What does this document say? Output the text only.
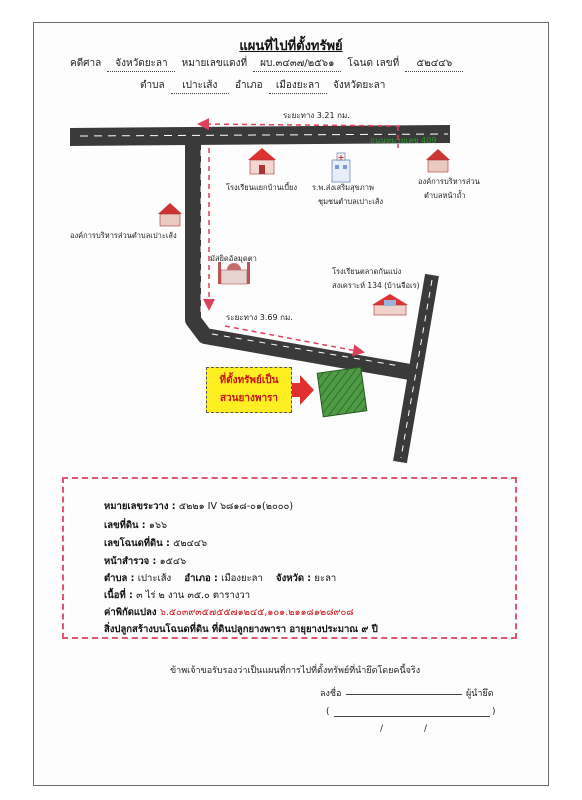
แผนที่ไปที่ตั้งทรัพย์
คดีศาล จังหวัดยะลา หมายเลขแดงที่ ผบ.๓๔๓๗/๒๕๖๑ โฉนด เลขที่ ๕๒๔๔๖
ตำบล เปาะเส้ง อำเภอ เมืองยะลา จังหวัดยะลา
ระยะทาง 3.21 กม.
ถนนหมายเลข 409
โรงเรียนแยกบ้านเบี้ยง ร.พ.ส่งเสริมสุขภาพ
ชุมชนตำบลเปาะเส้ง
องค์การบริหารส่วน
ตำบลหน้าถ้ำ
องค์การบริหารส่วนตำบลเปาะเส้ง
มัสยิดอัลมุดตา
โรงเรียนตลาดกันแบ่ง
สงเคราะห์ 134 (บ้านจือเร)
ระยะทาง 3.69 กม.
ที่ตั้งทรัพย์เป็น
สวนยางพารา
หมายเลขระวาง : ๕๒๒๑ IV ๖๘๑๘-๐๑(๒๐๐๐)
เลขที่ดิน : ๑๖๖
เลขโฉนดที่ดิน : ๕๒๔๔๖
หน้าสำรวจ : ๑๕๔๖
ตำบล : เปาะเส้ง อำเภอ : เมืองยะลา จังหวัด : ยะลา
เนื้อที่ : ๓ ไร่ ๒ งาน ๓๕.๐ ตารางวา
ค่าพิกัดแปลง ๖.๕๐๓๙๓๕๗๕๕๗๑๒๔๕,๑๐๑.๒๑๑๘๑๒๘๙๐๘
สิ่งปลูกสร้างบนโฉนดที่ดิน ที่ดินปลูกยางพารา อายุยางประมาณ ๙ ปี
ข้าพเจ้าขอรับรองว่าเป็นแผนที่การไปที่ตั้งทรัพย์ที่นำยึดโดยคนี้จริง
ลงชื่อ	ผู้นำยึด
(	)
/	/
